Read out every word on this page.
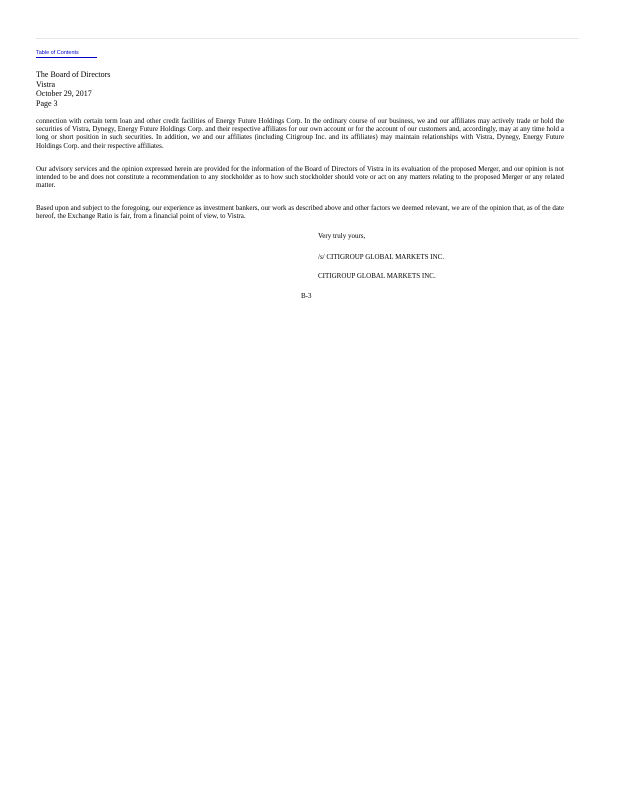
Table of Contents
The Board of Directors
Vistra
October 29, 2017
Page 3

connection with certain term loan and other credit facilities of Energy Future Holdings Corp. In the ordinary course of our business, we and our affiliates may actively trade or hold the securities of Vistra, Dynegy, Energy Future Holdings Corp. and their respective affiliates for our own account or for the account of our customers and, accordingly, may at any time hold a long or short position in such securities. In addition, we and our affiliates (including Citigroup Inc. and its affiliates) may maintain relationships with Vistra, Dynegy, Energy Future Holdings Corp. and their respective affiliates.

Our advisory services and the opinion expressed herein are provided for the information of the Board of Directors of Vistra in its evaluation of the proposed Merger, and our opinion is not intended to be and does not constitute a recommendation to any stockholder as to how such stockholder should vote or act on any matters relating to the proposed Merger or any related matter.

Based upon and subject to the foregoing, our experience as investment bankers, our work as described above and other factors we deemed relevant, we are of the opinion that, as of the date hereof, the Exchange Ratio is fair, from a financial point of view, to Vistra.

Very truly yours,
/s/ CITIGROUP GLOBAL MARKETS INC.
CITIGROUP GLOBAL MARKETS INC.
B-3
